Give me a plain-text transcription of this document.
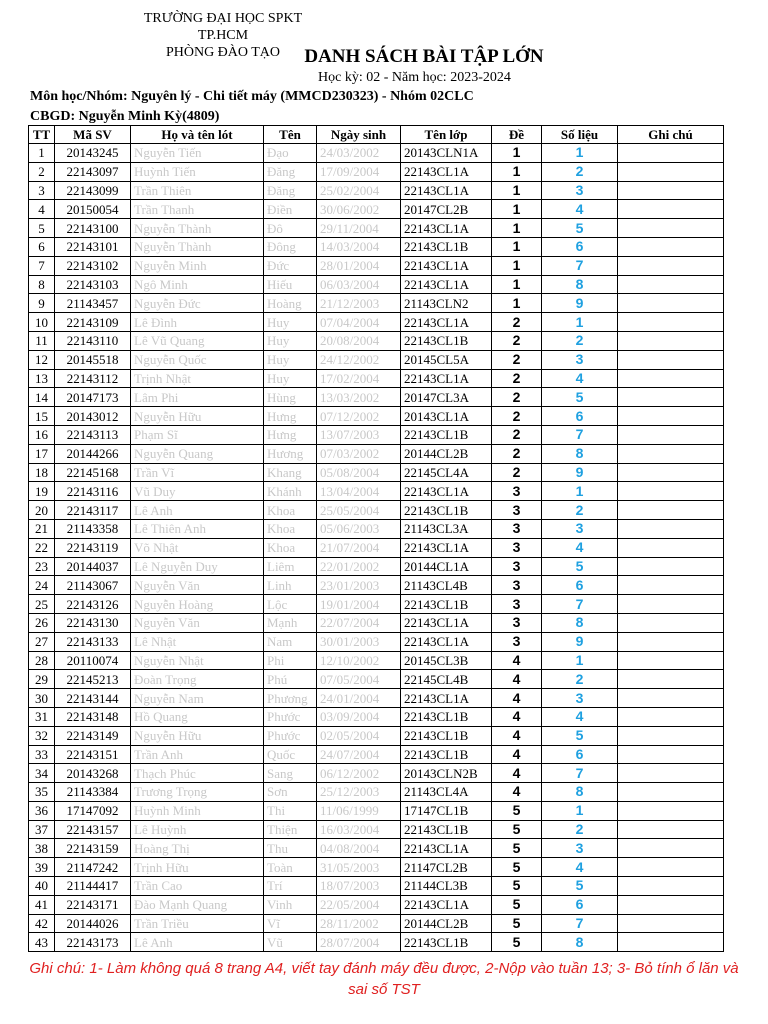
TRƯỜNG ĐẠI HỌC SPKT TP.HCM
PHÒNG ĐÀO TẠO	DANH SÁCH BÀI TẬP LỚN
Học kỳ: 02 - Năm học: 2023-2024
Môn học/Nhóm: Nguyên lý - Chi tiết máy (MMCD230323) - Nhóm 02CLC
CBGD: Nguyễn Minh Kỳ(4809)
TT	Mã SV	Họ và tên lót	Tên	Ngày sinh	Tên lớp	Đề	Số liệu	Ghi chú
1	20143245	Nguyễn Tiến	Đạo	24/03/2002	20143CLN1A	1	1	
2	22143097	Huỳnh Tiến	Đăng	17/09/2004	22143CL1A	1	2	
3	22143099	Trần Thiên	Đăng	25/02/2004	22143CL1A	1	3	
4	20150054	Trần Thanh	Điền	30/06/2002	20147CL2B	1	4	
5	22143100	Nguyễn Thành	Đô	29/11/2004	22143CL1A	1	5	
6	22143101	Nguyễn Thành	Đông	14/03/2004	22143CL1B	1	6	
7	22143102	Nguyễn Minh	Đức	28/01/2004	22143CL1A	1	7	
8	22143103	Ngô Minh	Hiếu	06/03/2004	22143CL1A	1	8	
9	21143457	Nguyễn Đức	Hoàng	21/12/2003	21143CLN2	1	9	
10	22143109	Lê Đình	Huy	07/04/2004	22143CL1A	2	1	
11	22143110	Lê Vũ Quang	Huy	20/08/2004	22143CL1B	2	2	
12	20145518	Nguyễn Quốc	Huy	24/12/2002	20145CL5A	2	3	
13	22143112	Trịnh Nhật	Huy	17/02/2004	22143CL1A	2	4	
14	20147173	Lâm Phi	Hùng	13/03/2002	20147CL3A	2	5	
15	20143012	Nguyễn Hữu	Hưng	07/12/2002	20143CL1A	2	6	
16	22143113	Phạm Sĩ	Hưng	13/07/2003	22143CL1B	2	7	
17	20144266	Nguyễn Quang	Hương	07/03/2002	20144CL2B	2	8	
18	22145168	Trần Vĩ	Khang	05/08/2004	22145CL4A	2	9	
19	22143116	Vũ Duy	Khánh	13/04/2004	22143CL1A	3	1	
20	22143117	Lê Anh	Khoa	25/05/2004	22143CL1B	3	2	
21	21143358	Lê Thiên Anh	Khoa	05/06/2003	21143CL3A	3	3	
22	22143119	Võ Nhật	Khoa	21/07/2004	22143CL1A	3	4	
23	20144037	Lê Nguyễn Duy	Liêm	22/01/2002	20144CL1A	3	5	
24	21143067	Nguyễn Văn	Linh	23/01/2003	21143CL4B	3	6	
25	22143126	Nguyễn Hoàng	Lộc	19/01/2004	22143CL1B	3	7	
26	22143130	Nguyễn Văn	Mạnh	22/07/2004	22143CL1A	3	8	
27	22143133	Lê Nhật	Nam	30/01/2003	22143CL1A	3	9	
28	20110074	Nguyễn Nhật	Phi	12/10/2002	20145CL3B	4	1	
29	22145213	Đoàn Trọng	Phú	07/05/2004	22145CL4B	4	2	
30	22143144	Nguyễn Nam	Phương	24/01/2004	22143CL1A	4	3	
31	22143148	Hồ Quang	Phước	03/09/2004	22143CL1B	4	4	
32	22143149	Nguyễn Hữu	Phước	02/05/2004	22143CL1B	4	5	
33	22143151	Trần Anh	Quốc	24/07/2004	22143CL1B	4	6	
34	20143268	Thạch Phúc	Sang	06/12/2002	20143CLN2B	4	7	
35	21143384	Trương Trọng	Sơn	25/12/2003	21143CL4A	4	8	
36	17147092	Huỳnh Minh	Thi	11/06/1999	17147CL1B	5	1	
37	22143157	Lê Huỳnh	Thiện	16/03/2004	22143CL1B	5	2	
38	22143159	Hoàng Thị	Thu	04/08/2004	22143CL1A	5	3	
39	21147242	Trịnh Hữu	Toàn	31/05/2003	21147CL2B	5	4	
40	21144417	Trần Cao	Trí	18/07/2003	21144CL3B	5	5	
41	22143171	Đào Mạnh Quang	Vinh	22/05/2004	22143CL1A	5	6	
42	20144026	Trần Triều	Vĩ	28/11/2002	20144CL2B	5	7	
43	22143173	Lê Anh	Vũ	28/07/2004	22143CL1B	5	8	
Ghi chú: 1- Làm không quá 8 trang A4, viết tay đánh máy đều được, 2-Nộp vào tuần 13; 3- Bỏ tính ổ lăn và sai số TST
